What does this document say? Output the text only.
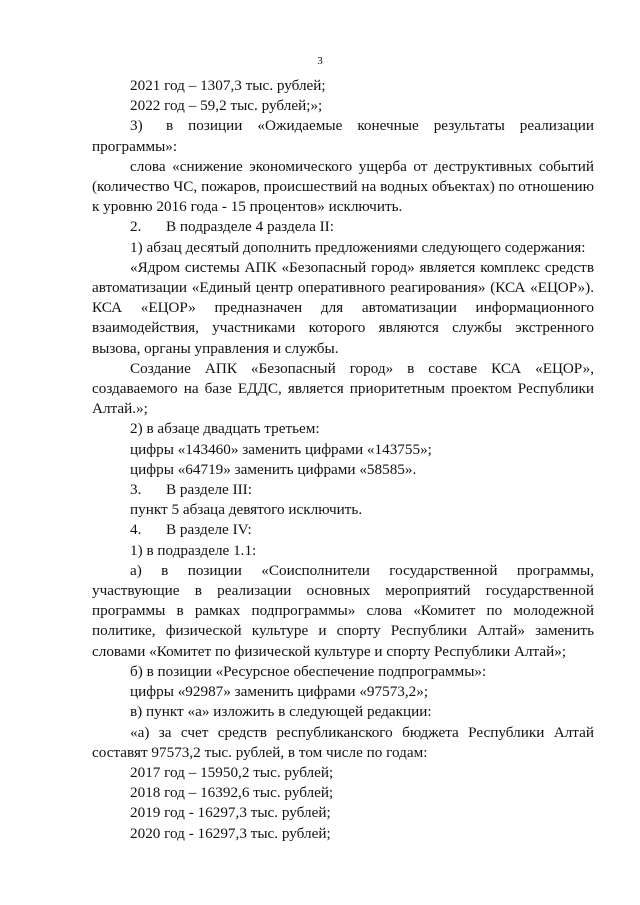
3

2021 год – 1307,3 тыс. рублей;

2022 год – 59,2 тыс. рублей;»;

3)	в позиции «Ожидаемые конечные результаты реализации

программы»:

слова «снижение экономического ущерба от деструктивных событий (количество ЧС, пожаров, происшествий на водных объектах) по отношению к уровню 2016 года - 15 процентов» исключить.

2.	В подразделе 4 раздела II:

1) абзац десятый дополнить предложениями следующего содержания:

«Ядром системы АПК «Безопасный город» является комплекс средств автоматизации «Единый центр оперативного реагирования» (КСА «ЕЦОР»). КСА «ЕЦОР» предназначен для автоматизации информационного взаимодействия, участниками которого являются службы экстренного вызова, органы управления и службы.

Создание АПК «Безопасный город» в составе КСА «ЕЦОР», создаваемого на базе ЕДДС, является приоритетным проектом Республики Алтай.»;

2) в абзаце двадцать третьем:

цифры «143460» заменить цифрами «143755»;

цифры «64719» заменить цифрами «58585».

3.	В разделе III:

пункт 5 абзаца девятого исключить.

4.	В разделе IV:

1) в подразделе 1.1:

а) в позиции «Соисполнители государственной программы, участвующие в реализации основных мероприятий государственной программы в рамках подпрограммы» слова «Комитет по молодежной политике, физической культуре и спорту Республики Алтай» заменить словами «Комитет по физической культуре и спорту Республики Алтай»;

б) в позиции «Ресурсное обеспечение подпрограммы»:

цифры «92987» заменить цифрами «97573,2»;

в) пункт «а» изложить в следующей редакции:

«а) за счет средств республиканского бюджета Республики Алтай составят 97573,2 тыс. рублей, в том числе по годам:

2017 год – 15950,2 тыс. рублей;

2018 год – 16392,6 тыс. рублей;

2019 год - 16297,3 тыс. рублей;

2020 год - 16297,3 тыс. рублей;
